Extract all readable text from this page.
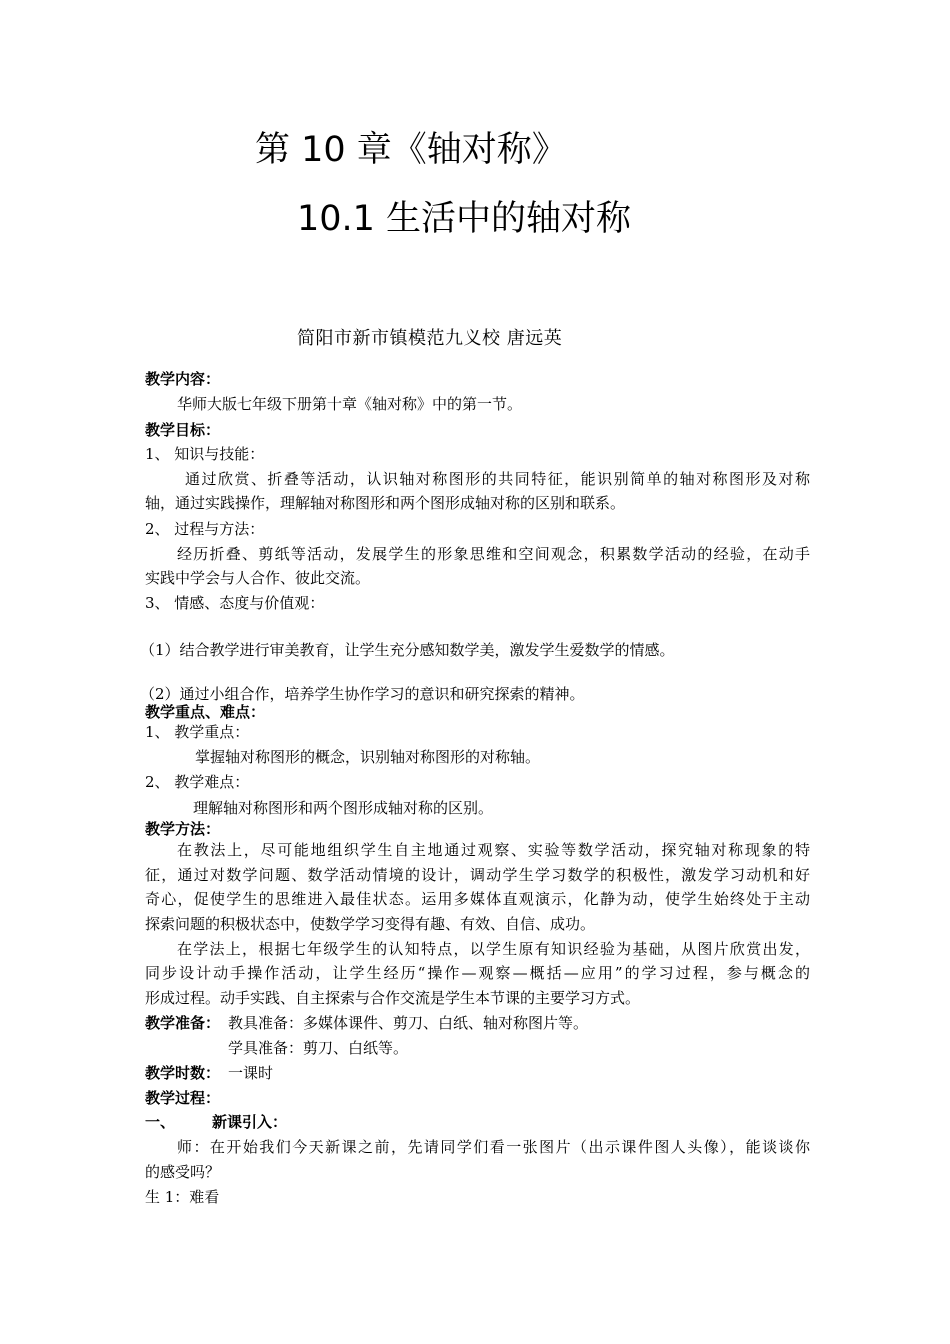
第 10 章《轴对称》
10.1 生活中的轴对称
简阳市新市镇模范九义校 唐远英
教学内容：
华师大版七年级下册第十章《轴对称》中的第一节。
教学目标：
1、 知识与技能：
通过欣赏、折叠等活动，认识轴对称图形的共同特征，能识别简单的轴对称图形及对称
轴，通过实践操作，理解轴对称图形和两个图形成轴对称的区别和联系。
2、 过程与方法：
经历折叠、剪纸等活动，发展学生的形象思维和空间观念，积累数学活动的经验，在动手
实践中学会与人合作、彼此交流。
3、 情感、态度与价值观：
（1）结合教学进行审美教育，让学生充分感知数学美，激发学生爱数学的情感。
（2）通过小组合作，培养学生协作学习的意识和研究探索的精神。
教学重点、难点：
1、 教学重点：
掌握轴对称图形的概念，识别轴对称图形的对称轴。
2、 教学难点：
理解轴对称图形和两个图形成轴对称的区别。
教学方法：
在教法上，尽可能地组织学生自主地通过观察、实验等数学活动，探究轴对称现象的特
征，通过对数学问题、数学活动情境的设计，调动学生学习数学的积极性，激发学习动机和好
奇心，促使学生的思维进入最佳状态。运用多媒体直观演示，化静为动，使学生始终处于主动
探索问题的积极状态中，使数学学习变得有趣、有效、自信、成功。
在学法上，根据七年级学生的认知特点，以学生原有知识经验为基础，从图片欣赏出发，
同步设计动手操作活动，让学生经历“操作—观察—概括—应用”的学习过程，参与概念的
形成过程。动手实践、自主探索与合作交流是学生本节课的主要学习方式。
教学准备： 教具准备：多媒体课件、剪刀、白纸、轴对称图片等。
学具准备：剪刀、白纸等。
教学时数： 一课时
教学过程：
一、 新课引入：
师：在开始我们今天新课之前，先请同学们看一张图片（出示课件图人头像），能谈谈你
的感受吗？
生 1：难看
